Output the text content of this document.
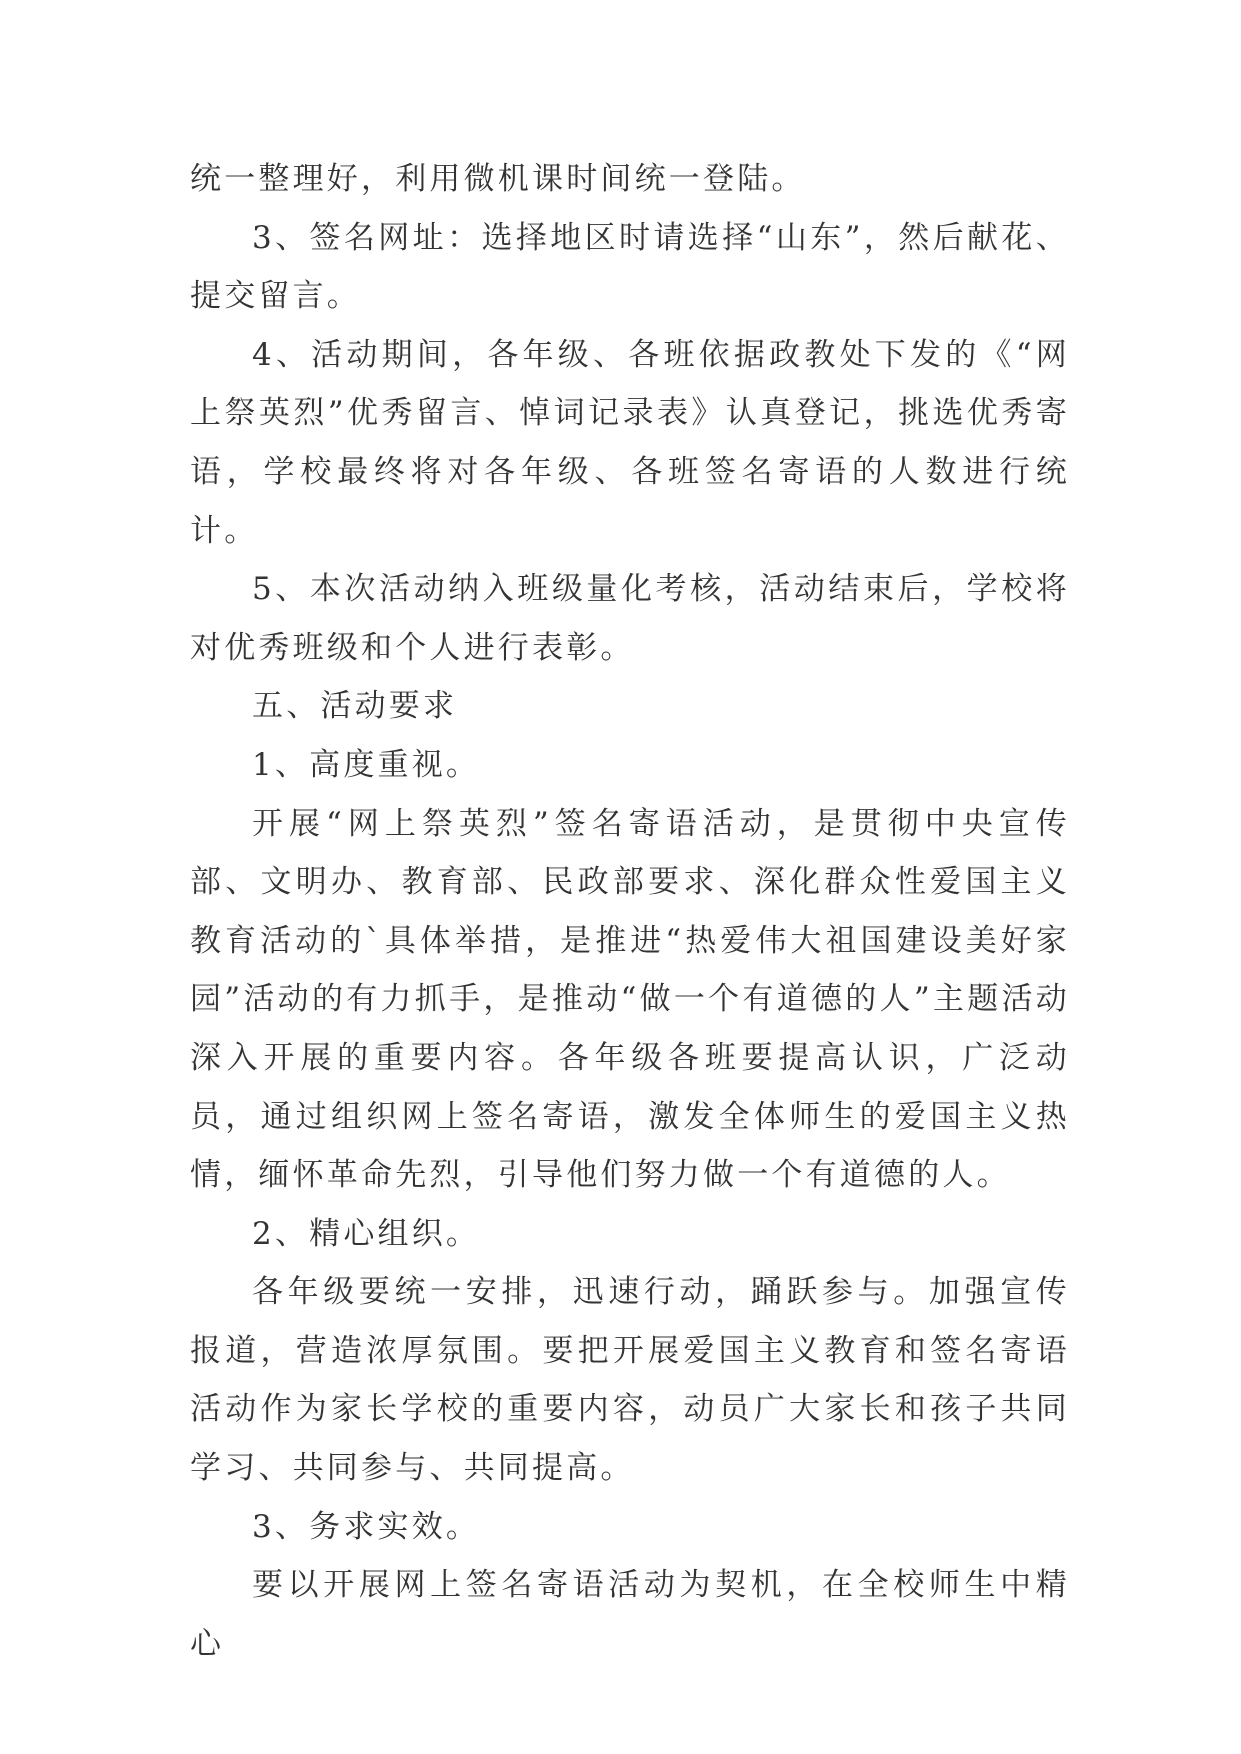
统一整理好，利用微机课时间统一登陆。

3、签名网址：选择地区时请选择“山东”，然后献花、提交留言。

4、活动期间，各年级、各班依据政教处下发的《“网上祭英烈”优秀留言、悼词记录表》认真登记，挑选优秀寄语，学校最终将对各年级、各班签名寄语的人数进行统计。

5、本次活动纳入班级量化考核，活动结束后，学校将对优秀班级和个人进行表彰。

五、活动要求

1、高度重视。

开展“网上祭英烈”签名寄语活动，是贯彻中央宣传部、文明办、教育部、民政部要求、深化群众性爱国主义教育活动的`具体举措，是推进“热爱伟大祖国建设美好家园”活动的有力抓手，是推动“做一个有道德的人”主题活动深入开展的重要内容。各年级各班要提高认识，广泛动员，通过组织网上签名寄语，激发全体师生的爱国主义热情，缅怀革命先烈，引导他们努力做一个有道德的人。

2、精心组织。

各年级要统一安排，迅速行动，踊跃参与。加强宣传报道，营造浓厚氛围。要把开展爱国主义教育和签名寄语活动作为家长学校的重要内容，动员广大家长和孩子共同学习、共同参与、共同提高。

3、务求实效。

要以开展网上签名寄语活动为契机，在全校师生中精心
